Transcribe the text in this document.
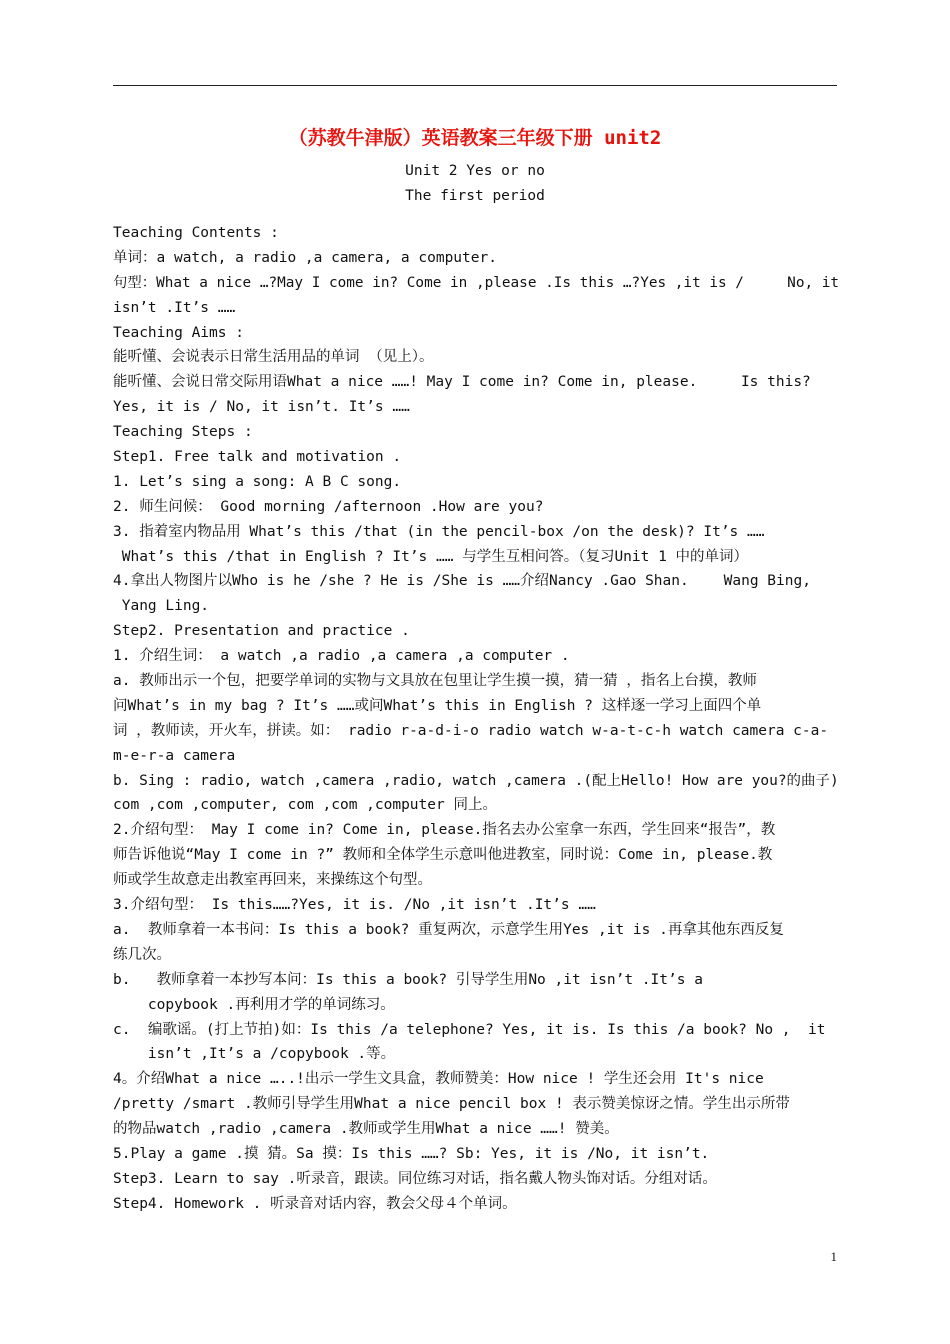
（苏教牛津版）英语教案三年级下册 unit2
Unit 2 Yes or no
The first period
Teaching Contents :
单词：a watch, a radio ,a camera, a computer.
句型：What a nice …?May I come in? Come in ,please .Is this …?Yes ,it is /     No, it
isn’t .It’s ……
Teaching Aims :
能听懂、会说表示日常生活用品的单词 （见上）。
能听懂、会说日常交际用语What a nice ……! May I come in? Come in, please.     Is this?
Yes, it is / No, it isn’t. It’s ……
Teaching Steps :
Step1. Free talk and motivation .
1. Let’s sing a song: A B C song.
2. 师生问候： Good morning /afternoon .How are you?
3. 指着室内物品用 What’s this /that (in the pencil-box /on the desk)? It’s ……
What’s this /that in English ? It’s …… 与学生互相问答。（复习Unit 1 中的单词）
4.拿出人物图片以Who is he /she ? He is /She is ……介绍Nancy .Gao Shan.    Wang Bing,
Yang Ling.
Step2. Presentation and practice .
1. 介绍生词： a watch ,a radio ,a camera ,a computer .
a. 教师出示一个包，把要学单词的实物与文具放在包里让学生摸一摸，猜一猜 ，指名上台摸，教师
问What’s in my bag ? It’s ……或问What’s this in English ? 这样逐一学习上面四个单
词 ，教师读，开火车，拼读。如： radio r-a-d-i-o radio watch w-a-t-c-h watch camera c-a-
m-e-r-a camera
b. Sing : radio, watch ,camera ,radio, watch ,camera .(配上Hello! How are you?的曲子)
com ,com ,computer, com ,com ,computer 同上。
2.介绍句型： May I come in? Come in, please.指名去办公室拿一东西，学生回来“报告”，教
师告诉他说“May I come in ?” 教师和全体学生示意叫他进教室，同时说：Come in, please.教
师或学生故意走出教室再回来，来操练这个句型。
3.介绍句型： Is this……?Yes, it is. /No ,it isn’t .It’s ……
a.  教师拿着一本书问：Is this a book? 重复两次，示意学生用Yes ,it is .再拿其他东西反复
练几次。
b.   教师拿着一本抄写本问：Is this a book? 引导学生用No ,it isn’t .It’s a
copybook .再利用才学的单词练习。
c.  编歌谣。(打上节拍)如：Is this /a telephone? Yes, it is. Is this /a book? No ,  it
isn’t ,It’s a /copybook .等。
4。介绍What a nice …..!出示一学生文具盒，教师赞美：How nice ! 学生还会用 It's nice
/pretty /smart .教师引导学生用What a nice pencil box ! 表示赞美惊讶之情。学生出示所带
的物品watch ,radio ,camera .教师或学生用What a nice ……! 赞美。
5.Play a game .摸 猜。Sa 摸：Is this ……? Sb: Yes, it is /No, it isn’t.
Step3. Learn to say .听录音，跟读。同位练习对话，指名戴人物头饰对话。分组对话。
Step4. Homework . 听录音对话内容，教会父母４个单词。
1
